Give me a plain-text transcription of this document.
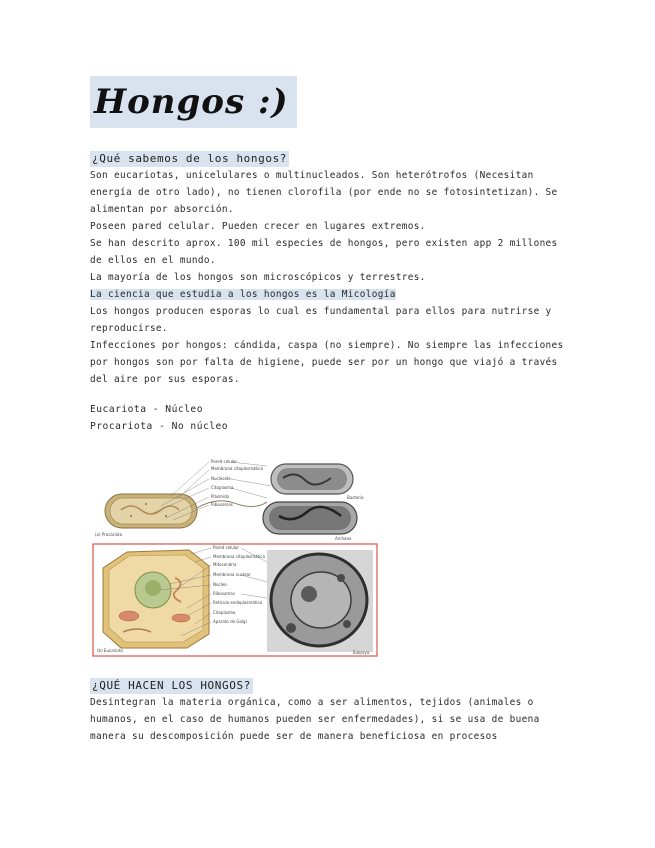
Hongos :)
¿Qué sabemos de los hongos?

Son eucariotas, unicelulares o multinucleados. Son heterótrofos (Necesitan energía de otro lado), no tienen clorofila (por ende no se fotosintetizan). Se alimentan por absorción.

Poseen pared celular. Pueden crecer en lugares extremos.

Se han descrito aprox. 100 mil especies de hongos, pero existen app 2 millones de ellos en el mundo.

La mayoría de los hongos son microscópicos y terrestres.

La ciencia que estudia a los hongos es la Micología

Los hongos producen esporas lo cual es fundamental para ellos para nutrirse y reproducirse.

Infecciones por hongos: cándida, caspa (no siempre). No siempre las infecciones por hongos son por falta de higiene, puede ser por un hongo que viajó a través del aire por sus esporas.

Eucariota - Núcleo

Procariota - No núcleo

(a) Procariota
Pared celular
Membrana citoplasmática
Nucleoide
Citoplasma
Plásmido
Ribosomas
Bacteria
Archaea
(b) Eucariota
Pared celular
Membrana citoplasmática
Mitocondria
Membrana nuclear
Núcleo
Ribosomas
Retículo endoplasmático
Citoplasma
Aparato de Golgi
Eukarya
¿QUÉ HACEN LOS HONGOS?

Desintegran la materia orgánica, como a ser alimentos, tejidos (animales o humanos, en el caso de humanos pueden ser enfermedades), si se usa de buena manera su descomposición puede ser de manera beneficiosa en procesos
